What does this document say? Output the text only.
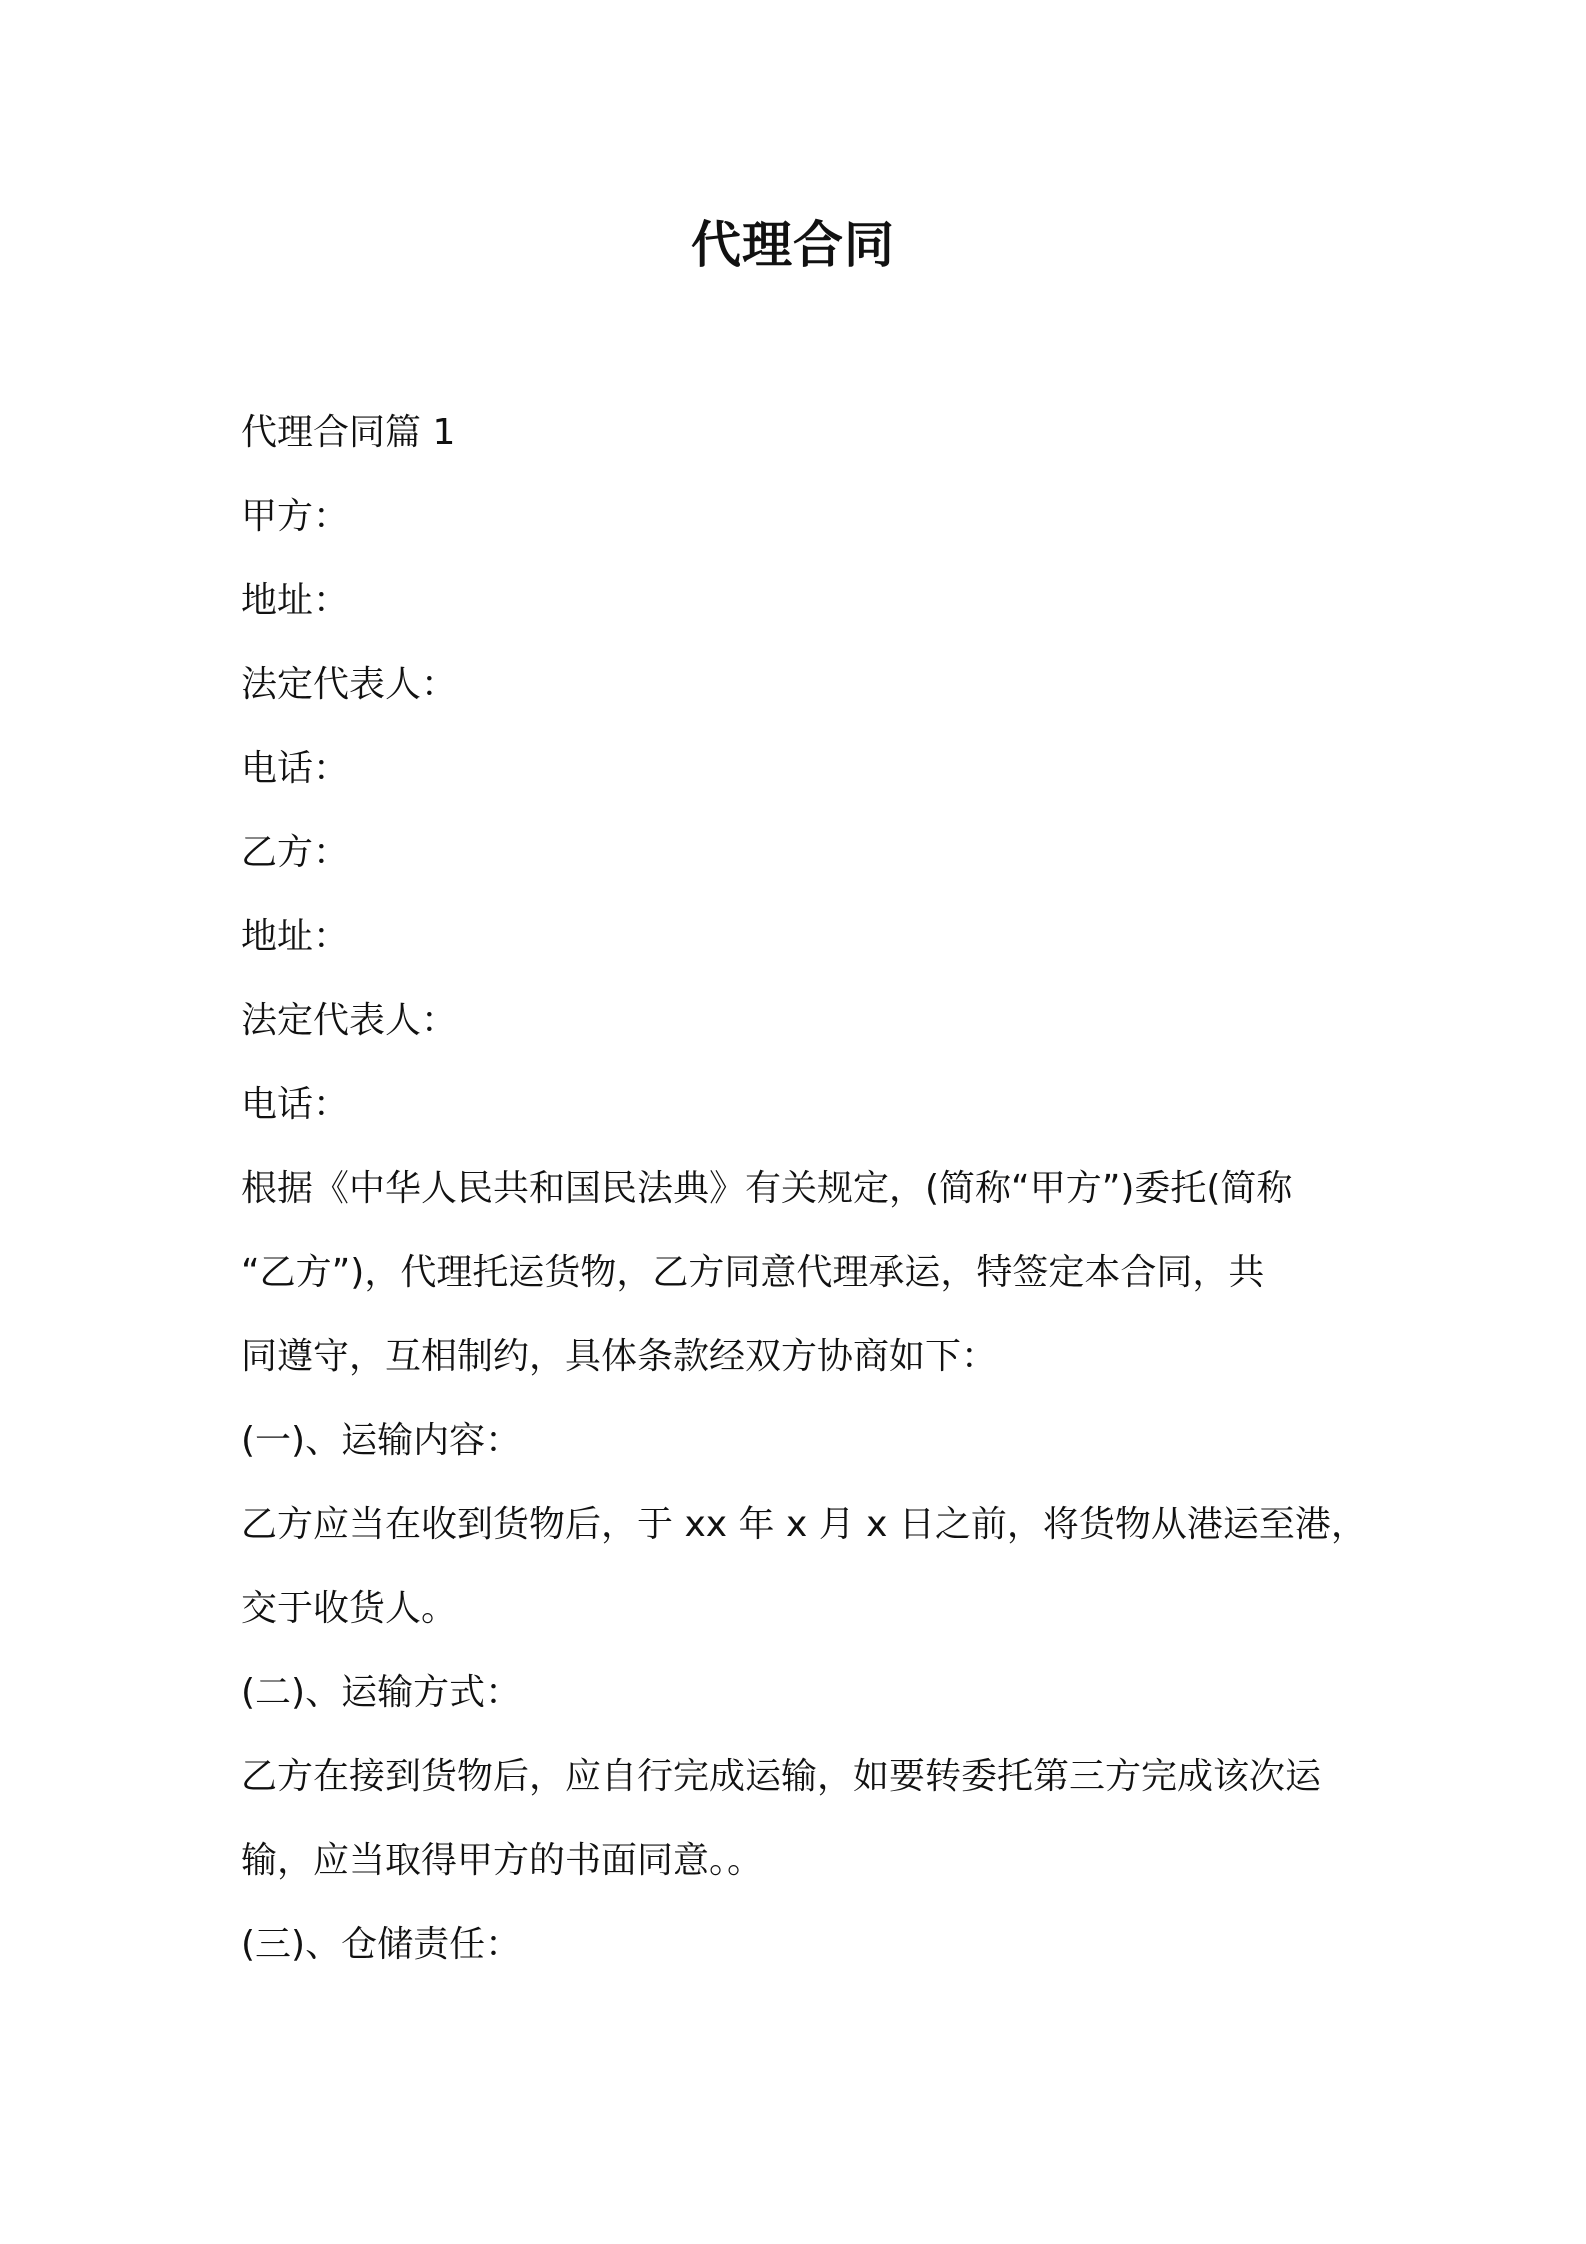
代理合同
代理合同篇 1
甲方：
地址：
法定代表人：
电话：
乙方：
地址：
法定代表人：
电话：
根据《中华人民共和国民法典》有关规定，(简称“甲方”)委托(简称
“乙方”)，代理托运货物，乙方同意代理承运，特签定本合同，共
同遵守，互相制约，具体条款经双方协商如下：
(一)、运输内容：
乙方应当在收到货物后，于 xx 年 x 月 x 日之前，将货物从港运至港，
交于收货人。
(二)、运输方式：
乙方在接到货物后，应自行完成运输，如要转委托第三方完成该次运
输，应当取得甲方的书面同意。。
(三)、仓储责任：
